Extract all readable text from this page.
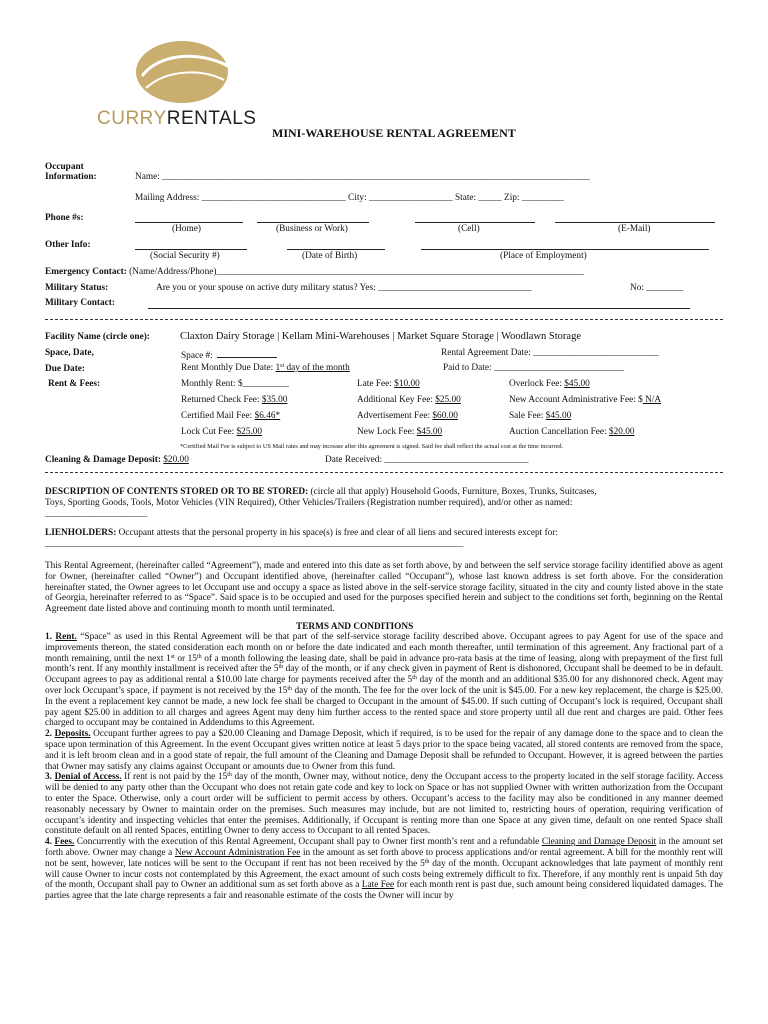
CURRYRENTALS
MINI-WAREHOUSE RENTAL AGREEMENT
Occupant
Information:	Name: ____________________________________________________________________________________________
Mailing Address: _______________________________ City: __________________ State: _____ Zip: _________
Phone #s:
(Home)	(Business or Work)	(Cell)	(E-Mail)
Other Info:
(Social Security #)	(Date of Birth)	(Place of Employment)
Emergency Contact: (Name/Address/Phone)_______________________________________________________________________________
Military Status:	Are you or your spouse on active duty military status? Yes: _________________________________	No: ________
Military Contact:
Facility Name (circle one):	Claxton Dairy Storage | Kellam Mini-Warehouses | Market Square Storage | Woodlawn Storage
Space, Date,
Due Date:
Rent & Fees:
Space #:	Rental Agreement Date: ___________________________
Rent Monthly Due Date: 1st day of the month	Paid to Date: ____________________________
Monthly Rent: $__________	Late Fee: $10.00	Overlock Fee: $45.00
Returned Check Fee: $35.00	Additional Key Fee: $25.00	New Account Administrative Fee: $ N/A
Certified Mail Fee: $6.46*	Advertisement Fee: $60.00	Sale Fee: $45.00
Lock Cut Fee: $25.00	New Lock Fee: $45.00	Auction Cancellation Fee: $20.00
*Certified Mail Fee is subject to US Mail rates and may increase after this agreement is signed. Said fee shall reflect the actual cost at the time incurred.
Cleaning & Damage Deposit: $20.00	Date Received: _______________________________

DESCRIPTION OF CONTENTS STORED OR TO BE STORED: (circle all that apply) Household Goods, Furniture, Boxes, Trunks, Suitcases,

Toys, Sporting Goods, Tools, Motor Vehicles (VIN Required), Other Vehicles/Trailers (Registration number required), and/or other as named:

______________________

LIENHOLDERS: Occupant attests that the personal property in his space(s) is free and clear of all liens and secured interests except for:

__________________________________________________________________________________________

This Rental Agreement, (hereinafter called “Agreement”), made and entered into this date as set forth above, by and between the self service storage facility identified above as agent for Owner, (hereinafter called “Owner”) and Occupant identified above, (hereinafter called “Occupant”), whose last known address is set forth above. For the consideration hereinafter stated, the Owner agrees to let Occupant use and occupy a space as listed above in the self-service storage facility, situated in the city and county listed above in the state of Georgia, hereinafter referred to as “Space”. Said space is to be occupied and used for the purposes specified herein and subject to the conditions set forth, beginning on the Rental Agreement date listed above and continuing month to month until terminated.
TERMS AND CONDITIONS

1. Rent. “Space” as used in this Rental Agreement will be that part of the self-service storage facility described above. Occupant agrees to pay Agent for use of the space and improvements thereon, the stated consideration each month on or before the date indicated and each month thereafter, until termination of this agreement. Any fractional part of a month remaining, until the next 1st or 15th of a month following the leasing date, shall be paid in advance pro-rata basis at the time of leasing, along with prepayment of the first full month’s rent. If any monthly installment is received after the 5th day of the month, or if any check given in payment of Rent is dishonored, Occupant shall be deemed to be in default. Occupant agrees to pay as additional rental a $10.00 late charge for payments received after the 5th day of the month and an additional $35.00 for any dishonored check. Agent may over lock Occupant’s space, if payment is not received by the 15th day of the month. The fee for the over lock of the unit is $45.00. For a new key replacement, the charge is $25.00. In the event a replacement key cannot be made, a new lock fee shall be charged to Occupant in the amount of $45.00. If such cutting of Occupant’s lock is required, Occupant shall pay agent $25.00 in addition to all charges and agrees Agent may deny him further access to the rented space and store property until all due rent and charges are paid. Other fees charged to occupant may be contained in Addendums to this Agreement.

2. Deposits. Occupant further agrees to pay a $20.00 Cleaning and Damage Deposit, which if required, is to be used for the repair of any damage done to the space and to clean the space upon termination of this Agreement. In the event Occupant gives written notice at least 5 days prior to the space being vacated, all stored contents are removed from the space, and it is left broom clean and in a good state of repair, the full amount of the Cleaning and Damage Deposit shall be refunded to Occupant. However, it is agreed between the parties that Owner may satisfy any claims against Occupant or amounts due to Owner from this fund.

3. Denial of Access. If rent is not paid by the 15th day of the month, Owner may, without notice, deny the Occupant access to the property located in the self storage facility. Access will be denied to any party other than the Occupant who does not retain gate code and key to lock on Space or has not supplied Owner with written authorization from the Occupant to enter the Space. Otherwise, only a court order will be sufficient to permit access by others. Occupant’s access to the facility may also be conditioned in any manner deemed reasonably necessary by Owner to maintain order on the premises. Such measures may include, but are not limited to, restricting hours of operation, requiring verification of occupant’s identity and inspecting vehicles that enter the premises. Additionally, if Occupant is renting more than one Space at any given time, default on one rented Space shall constitute default on all rented Spaces, entitling Owner to deny access to Occupant to all rented Spaces.

4. Fees. Concurrently with the execution of this Rental Agreement, Occupant shall pay to Owner first month’s rent and a refundable Cleaning and Damage Deposit in the amount set forth above. Owner may change a New Account Administration Fee in the amount as set forth above to process applications and/or rental agreement. A bill for the monthly rent will not be sent, however, late notices will be sent to the Occupant if rent has not been received by the 5th day of the month. Occupant acknowledges that late payment of monthly rent will cause Owner to incur costs not contemplated by this Agreement, the exact amount of such costs being extremely difficult to fix. Therefore, if any monthly rent is unpaid 5th day of the month, Occupant shall pay to Owner an additional sum as set forth above as a Late Fee for each month rent is past due, such amount being considered liquidated damages. The parties agree that the late charge represents a fair and reasonable estimate of the costs the Owner will incur by
